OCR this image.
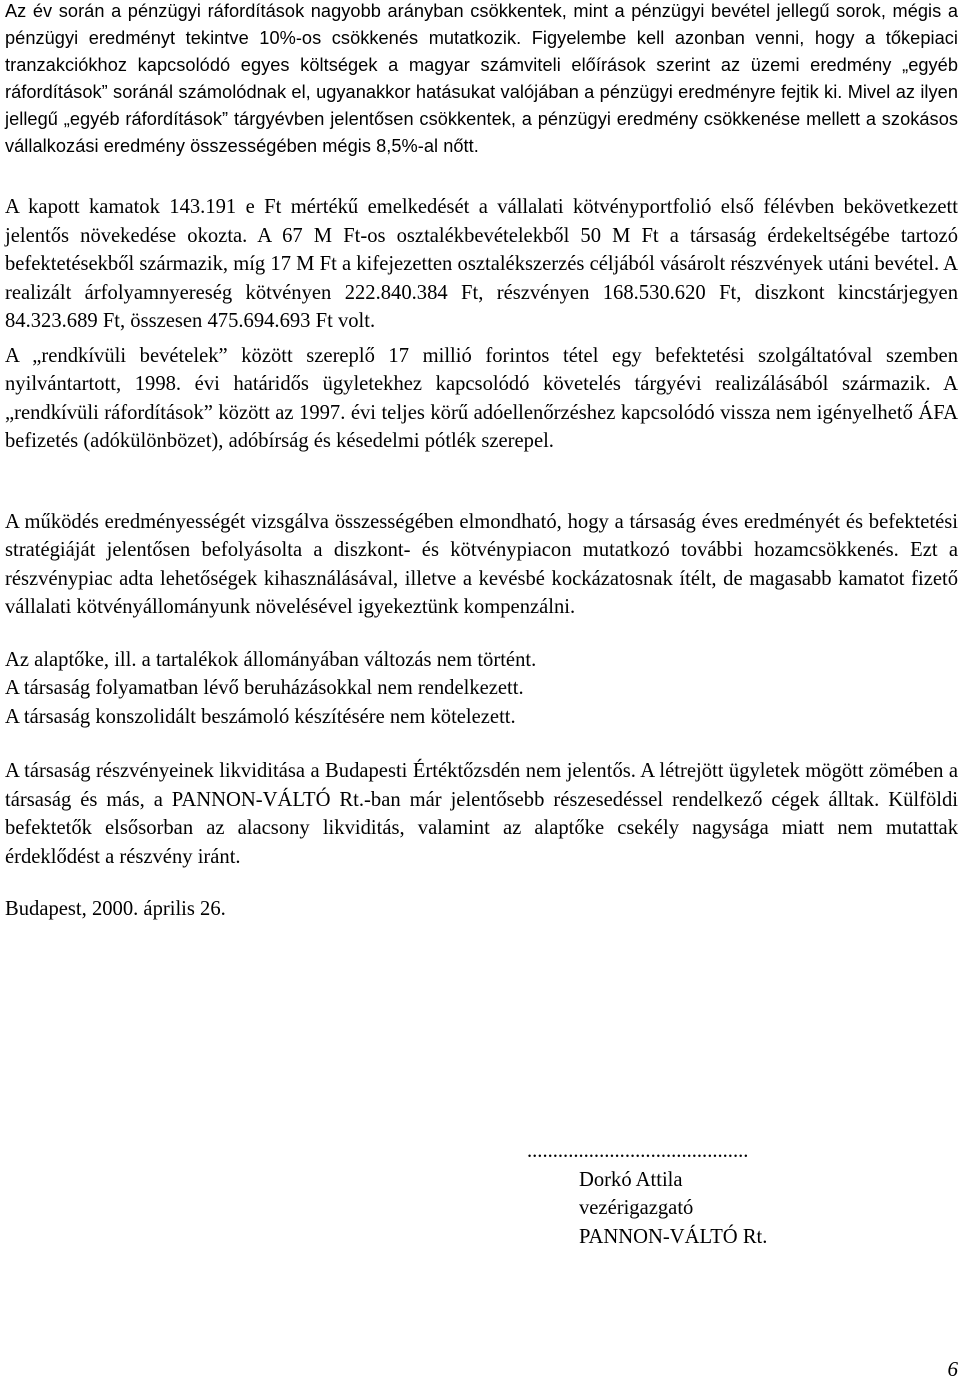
Az év során a pénzügyi ráfordítások nagyobb arányban csökkentek, mint a pénzügyi bevétel jellegű sorok, mégis a pénzügyi eredményt tekintve 10%-os csökkenés mutatkozik. Figyelembe kell azonban venni, hogy a tőkepiaci tranzakciókhoz kapcsolódó egyes költségek a magyar számviteli előírások szerint az üzemi eredmény „egyéb ráfordítások” soránál számolódnak el, ugyanakkor hatásukat valójában a pénzügyi eredményre fejtik ki. Mivel az ilyen jellegű „egyéb ráfordítások” tárgyévben jelentősen csökkentek, a pénzügyi eredmény csökkenése mellett a szokásos vállalkozási eredmény összességében mégis 8,5%-al nőtt.

A kapott kamatok 143.191 e Ft mértékű emelkedését a vállalati kötvényportfolió első félévben bekövetkezett jelentős növekedése okozta. A 67 M Ft-os osztalékbevételekből 50 M Ft a társaság érdekeltségébe tartozó befektetésekből származik, míg 17 M Ft a kifejezetten osztalékszerzés céljából vásárolt részvények utáni bevétel. A realizált árfolyamnyereség kötvényen 222.840.384 Ft, részvényen 168.530.620 Ft, diszkont kincstárjegyen 84.323.689 Ft, összesen 475.694.693 Ft volt.

A „rendkívüli bevételek” között szereplő 17 millió forintos tétel egy befektetési szolgáltatóval szemben nyilvántartott, 1998. évi határidős ügyletekhez kapcsolódó követelés tárgyévi realizálásából származik. A „rendkívüli ráfordítások” között az 1997. évi teljes körű adóellenőrzéshez kapcsolódó vissza nem igényelhető ÁFA befizetés (adókülönbözet), adóbírság és késedelmi pótlék szerepel.

A működés eredményességét vizsgálva összességében elmondható, hogy a társaság éves eredményét és befektetési stratégiáját jelentősen befolyásolta a diszkont- és kötvénypiacon mutatkozó további hozamcsökkenés. Ezt a részvénypiac adta lehetőségek kihasználásával, illetve a kevésbé kockázatosnak ítélt, de magasabb kamatot fizető vállalati kötvényállományunk növelésével igyekeztünk kompenzálni.

Az alaptőke, ill. a tartalékok állományában változás nem történt.

A társaság folyamatban lévő beruházásokkal nem rendelkezett.

A társaság konszolidált beszámoló készítésére nem kötelezett.

A társaság részvényeinek likviditása a Budapesti Értéktőzsdén nem jelentős. A létrejött ügyletek mögött zömében a társaság és más, a PANNON-VÁLTÓ Rt.-ban már jelentősebb részesedéssel rendelkező cégek álltak. Külföldi befektetők elsősorban az alacsony likviditás, valamint az alaptőke csekély nagysága miatt nem mutattak érdeklődést a részvény iránt.

Budapest, 2000. április 26.

...........................................
Dorkó Attila
vezérigazgató
PANNON-VÁLTÓ Rt.
6
